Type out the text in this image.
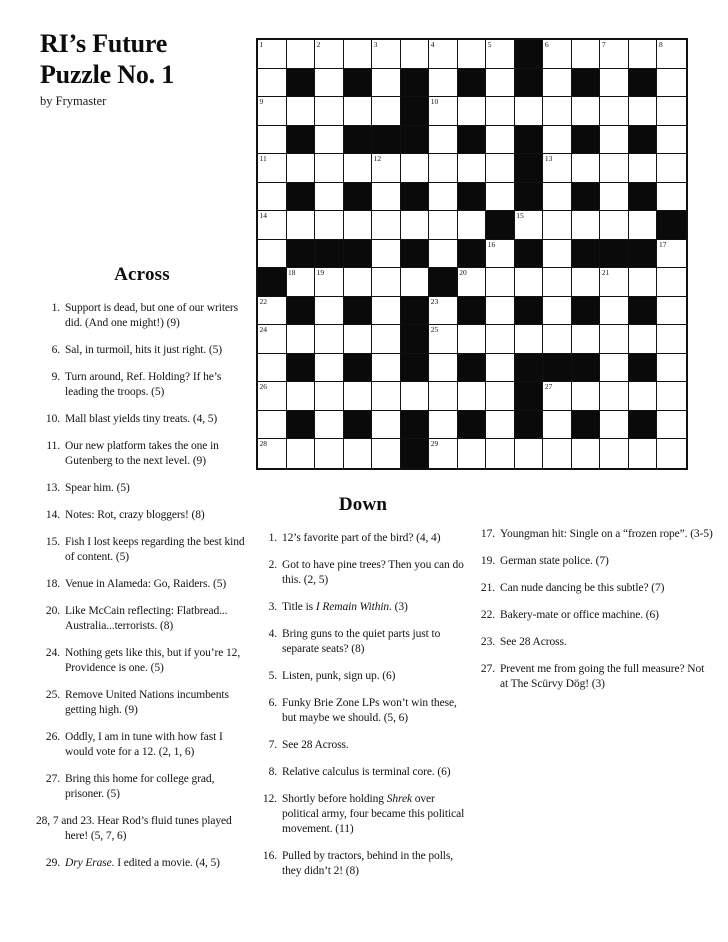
RI’s Future
Puzzle No. 1
by Frymaster
1	2	3	4	5	6	7	8
9	10
11	12	13
14	15
16	17
18	19	20	21
22	23
24	25
26	27
28	29
Across
1. Support is dead, but one of our writers did. (And one might!) (9)
6. Sal, in turmoil, hits it just right. (5)
9. Turn around, Ref. Holding? If he’s leading the troops. (5)
10. Mall blast yields tiny treats. (4, 5)
11. Our new platform takes the one in Gutenberg to the next level. (9)
13. Spear him. (5)
14. Notes: Rot, crazy bloggers! (8)
15. Fish I lost keeps regarding the best kind of content. (5)
18. Venue in Alameda: Go, Raiders. (5)
20. Like McCain reflecting: Flatbread... Australia...terrorists. (8)
24. Nothing gets like this, but if you’re 12, Providence is one. (5)
25. Remove United Nations incumbents getting high. (9)
26. Oddly, I am in tune with how fast I would vote for a 12. (2, 1, 6)
27. Bring this home for college grad, prisoner. (5)
28, 7 and 23. Hear Rod’s fluid tunes played here! (5, 7, 6)
29. Dry Erase. I edited a movie. (4, 5)
Down
1. 12’s favorite part of the bird? (4, 4)
2. Got to have pine trees? Then you can do this. (2, 5)
3. Title is I Remain Within. (3)
4. Bring guns to the quiet parts just to separate seats? (8)
5. Listen, punk, sign up. (6)
6. Funky Brie Zone LPs won’t win these, but maybe we should. (5, 6)
7. See 28 Across.
8. Relative calculus is terminal core. (6)
12. Shortly before holding Shrek over political army, four became this political movement. (11)
16. Pulled by tractors, behind in the polls, they didn’t 2! (8)
17. Youngman hit: Single on a “frozen rope”. (3-5)
19. German state police. (7)
21. Can nude dancing be this subtle? (7)
22. Bakery-mate or office machine. (6)
23. See 28 Across.
27. Prevent me from going the full measure? Not at The Scürvy Dög! (3)
